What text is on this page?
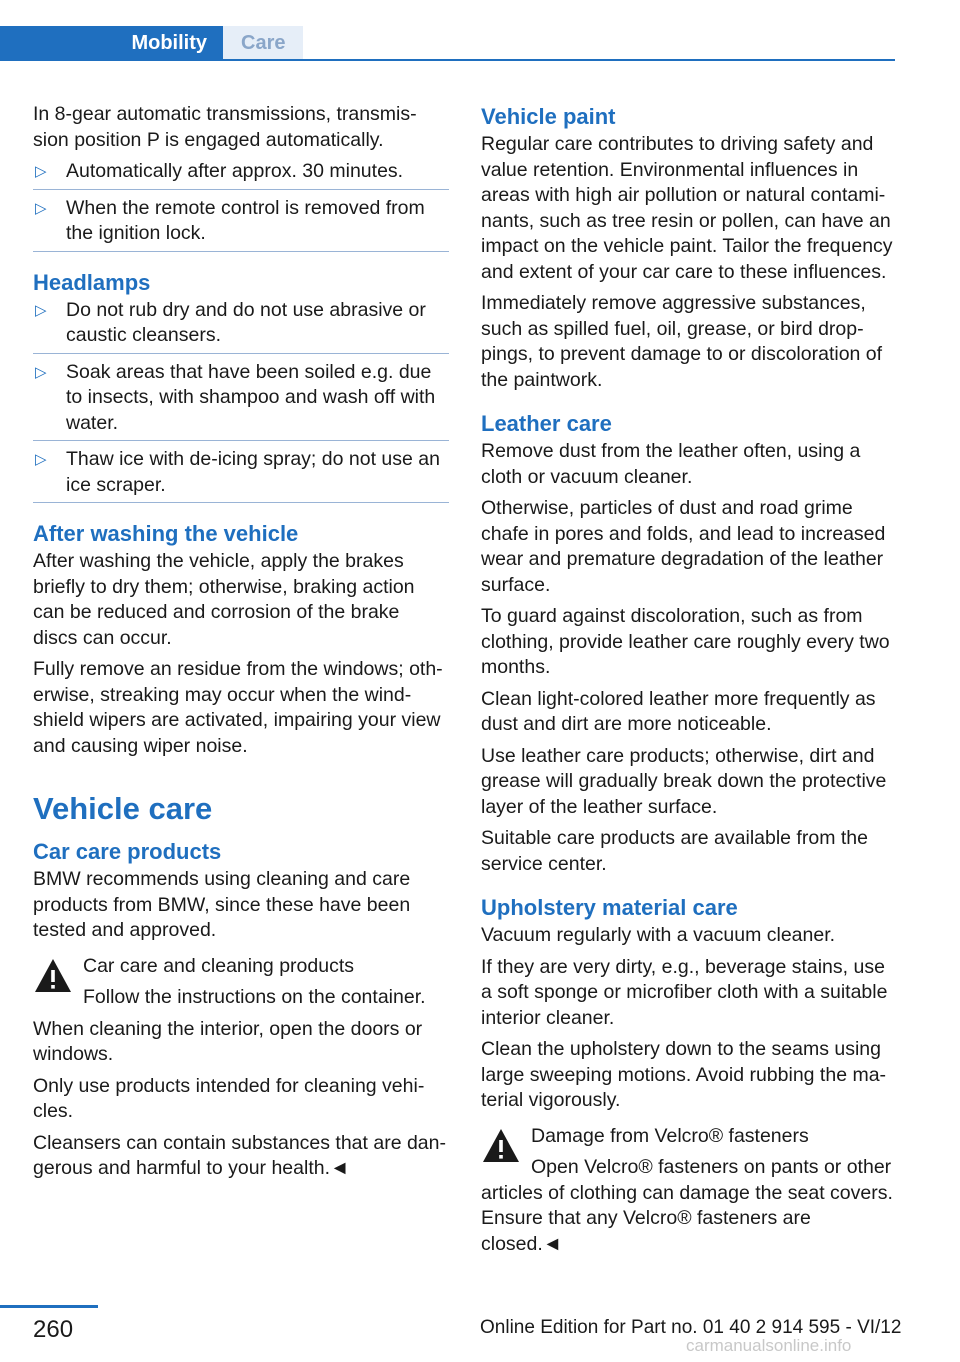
Mobility	Care

In 8-gear automatic transmissions, transmis-sion position P is engaged automatically.

▷ Automatically after approx. 30 minutes.
▷ When the remote control is removed from the ignition lock.
Headlamps
▷ Do not rub dry and do not use abrasive or caustic cleansers.
▷ Soak areas that have been soiled e.g. due to insects, with shampoo and wash off with water.
▷ Thaw ice with de-icing spray; do not use an ice scraper.
After washing the vehicle

After washing the vehicle, apply the brakes briefly to dry them; otherwise, braking action can be reduced and corrosion of the brake discs can occur.

Fully remove an residue from the windows; oth-erwise, streaking may occur when the wind-shield wipers are activated, impairing your view and causing wiper noise.

Vehicle care
Car care products

BMW recommends using cleaning and care products from BMW, since these have been tested and approved.

Car care and cleaning products

Follow the instructions on the container.

When cleaning the interior, open the doors or windows.

Only use products intended for cleaning vehi-cles.

Cleansers can contain substances that are dan-gerous and harmful to your health.◄

Vehicle paint

Regular care contributes to driving safety and value retention. Environmental influences in areas with high air pollution or natural contami-nants, such as tree resin or pollen, can have an impact on the vehicle paint. Tailor the frequency and extent of your car care to these influences.

Immediately remove aggressive substances, such as spilled fuel, oil, grease, or bird drop-pings, to prevent damage to or discoloration of the paintwork.

Leather care

Remove dust from the leather often, using a cloth or vacuum cleaner.

Otherwise, particles of dust and road grime chafe in pores and folds, and lead to increased wear and premature degradation of the leather surface.

To guard against discoloration, such as from clothing, provide leather care roughly every two months.

Clean light-colored leather more frequently as dust and dirt are more noticeable.

Use leather care products; otherwise, dirt and grease will gradually break down the protective layer of the leather surface.

Suitable care products are available from the service center.

Upholstery material care

Vacuum regularly with a vacuum cleaner.

If they are very dirty, e.g., beverage stains, use a soft sponge or microfiber cloth with a suitable interior cleaner.

Clean the upholstery down to the seams using large sweeping motions. Avoid rubbing the ma-terial vigorously.

Damage from Velcro® fasteners

Open Velcro® fasteners on pants or other articles of clothing can damage the seat covers. Ensure that any Velcro® fasteners are closed.◄

260	Online Edition for Part no. 01 40 2 914 595 - VI/12
carmanualsonline.info
